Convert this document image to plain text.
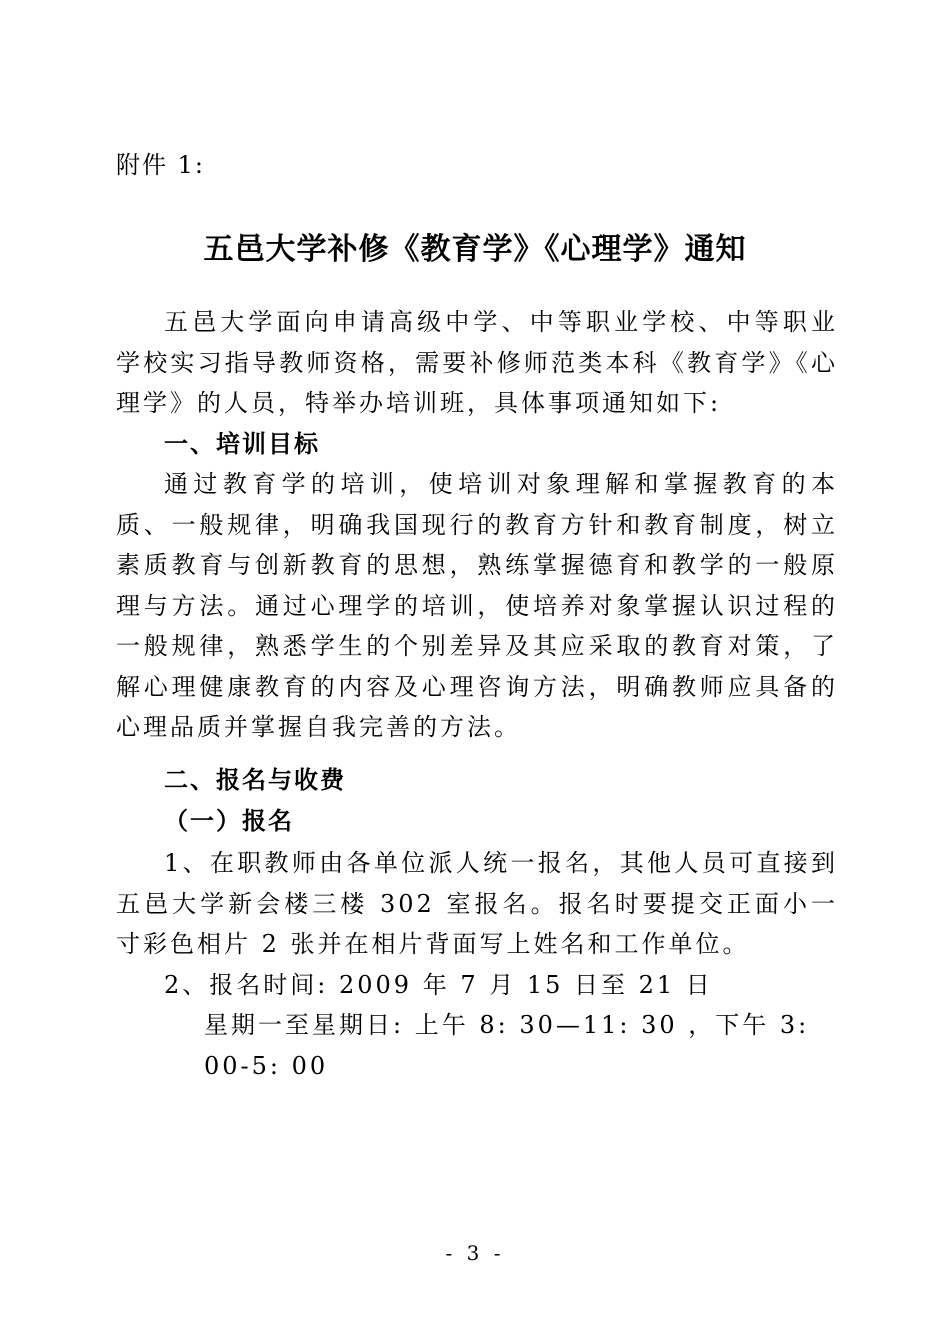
附件 1:
五邑大学补修《教育学》《心理学》通知

五邑大学面向申请高级中学、中等职业学校、中等职业学校实习指导教师资格，需要补修师范类本科《教育学》《心理学》的人员，特举办培训班，具体事项通知如下:

一、培训目标

通过教育学的培训，使培训对象理解和掌握教育的本质、一般规律，明确我国现行的教育方针和教育制度，树立素质教育与创新教育的思想，熟练掌握德育和教学的一般原理与方法。通过心理学的培训，使培养对象掌握认识过程的一般规律，熟悉学生的个别差异及其应采取的教育对策，了解心理健康教育的内容及心理咨询方法，明确教师应具备的心理品质并掌握自我完善的方法。

二、报名与收费

（一）报名

1、在职教师由各单位派人统一报名，其他人员可直接到五邑大学新会楼三楼 302 室报名。报名时要提交正面小一寸彩色相片 2 张并在相片背面写上姓名和工作单位。

2、报名时间: 2009 年 7 月 15 日至 21 日

星期一至星期日: 上午 8: 30—11: 30 ，下午 3: 00-5: 00

- 3 -
